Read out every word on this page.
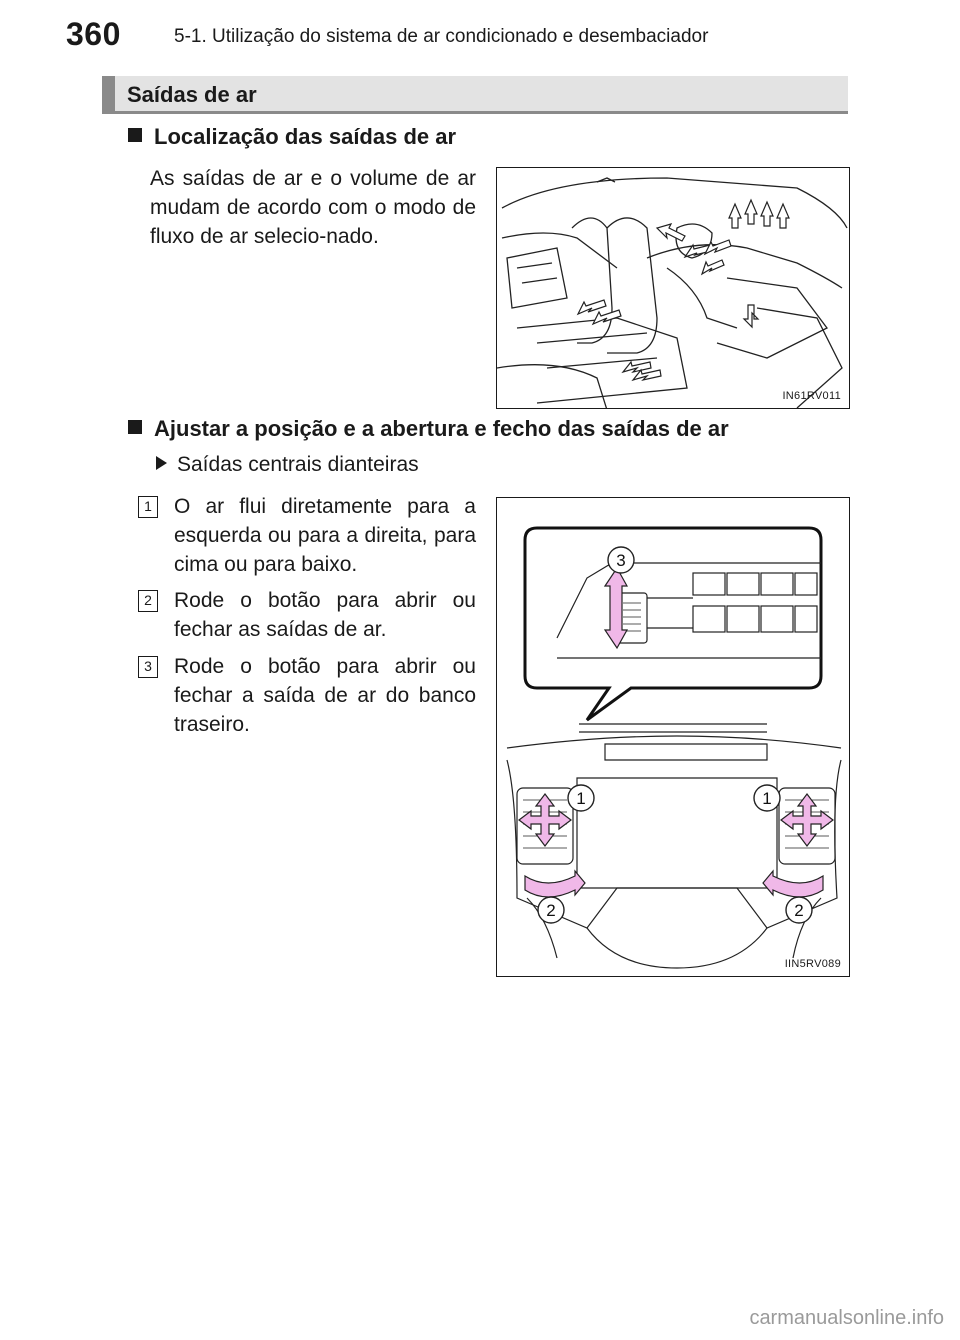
360	5-1. Utilização do sistema de ar condicionado e desembaciador
Saídas de ar
Localização das saídas de ar
As saídas de ar e o volume de ar mudam de acordo com o modo de fluxo de ar selecio-nado.
IN61RV011
Ajustar a posição e a abertura e fecho das saídas de ar
Saídas centrais dianteiras
1 O ar flui diretamente para a esquerda ou para a direita, para cima ou para baixo.
2 Rode o botão para abrir ou fechar as saídas de ar.
3 Rode o botão para abrir ou fechar a saída de ar do banco traseiro.
3
1	1
2	2
IIN5RV089
carmanualsonline.info
